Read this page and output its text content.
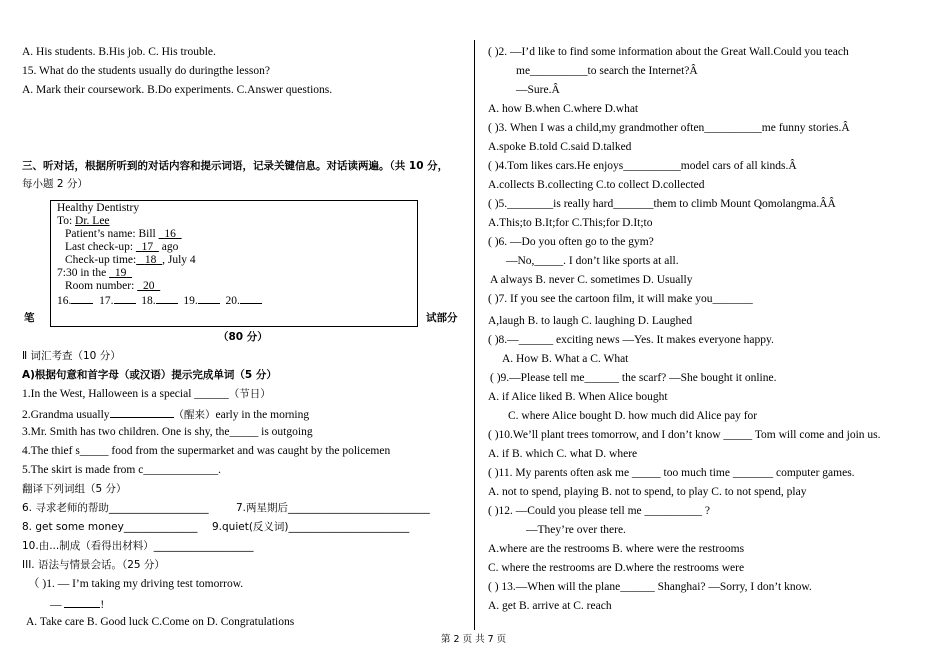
A. His students. B.His job. C. His trouble.
15. What do the students usually do duringthe lesson?
A. Mark their coursework. B.Do experiments. C.Answer questions.
三、听对话，根据所听到的对话内容和提示词语，记录关键信息。对话读两遍。（共 10 分，
每小题 2 分）
Healthy Dentistry
To: Dr. Lee
Patient’s name: Bill   16
Last check-up:   17   ago
Check-up time: 18 , July 4
7:30 in the   19
Room number:   20
16. 17. 18. 19. 20.
笔	试部分
（80 分）
Ⅱ 词汇考查（10 分）
A)根据句意和首字母（或汉语）提示完成单词（5 分）
1.In the West, Halloween is a special ______（节日）
2.Grandma usually	（醒来）early in the morning
3.Mr. Smith has two children. One is shy, the_____ is outgoing
4.The thief s_____ food from the supermarket and was caught by the policemen
5.The skirt is made from c_____________.
翻译下列词组（5 分）
6. 寻求老师的帮助___________________	7.两星期后___________________________
8. get some money______________ 9.quiet(反义词)_______________________
10.由...制成（看得出材料）___________________
III. 语法与情景会话。（25 分）
（ )1. — I’m taking my driving test tomorrow.
—	!
A. Take care B. Good luck C.Come on D. Congratulations
( )2. —I’d like to find some information about the Great Wall.Could you teach
me__________to search the Internet?Â
—Sure.Â
A. how B.when C.where D.what
( )3. When I was a child,my grandmother often__________me funny stories.Â
A.spoke B.told C.said D.talked
( )4.Tom likes cars.He enjoys__________model cars of all kinds.Â
A.collects B.collecting C.to collect D.collected
( )5.________is really hard_______them to climb Mount Qomolangma.ÂÂ
A.This;to B.It;for C.This;for D.It;to
( )6. —Do you often go to the gym?
—No,_____. I don’t like sports at all.
A always B. never C. sometimes D. Usually
( )7. If you see the cartoon film, it will make you_______
A,laugh B. to laugh C. laughing D. Laughed
( )8.—______ exciting news —Yes. It makes everyone happy.
A. How B. What a C. What
( )9.—Please tell me______ the scarf? —She bought it online.
A. if Alice liked B. When Alice bought
C. where Alice bought D. how much did Alice pay for
( )10.We’ll plant trees tomorrow, and I don’t know _____ Tom will come and join us.
A. if B. which C. what D. where
( )11. My parents often ask me _____ too much time _______ computer games.
A. not to spend, playing B. not to spend, to play C. to not spend, play
( )12. —Could you please tell me __________ ?
—They’re over there.
A.where are the restrooms B. where were the restrooms
C. where the restrooms are D.where the restrooms were
( ) 13.—When will the plane______ Shanghai? —Sorry, I don’t know.
A. get B. arrive at C. reach
第 2 页 共 7 页
